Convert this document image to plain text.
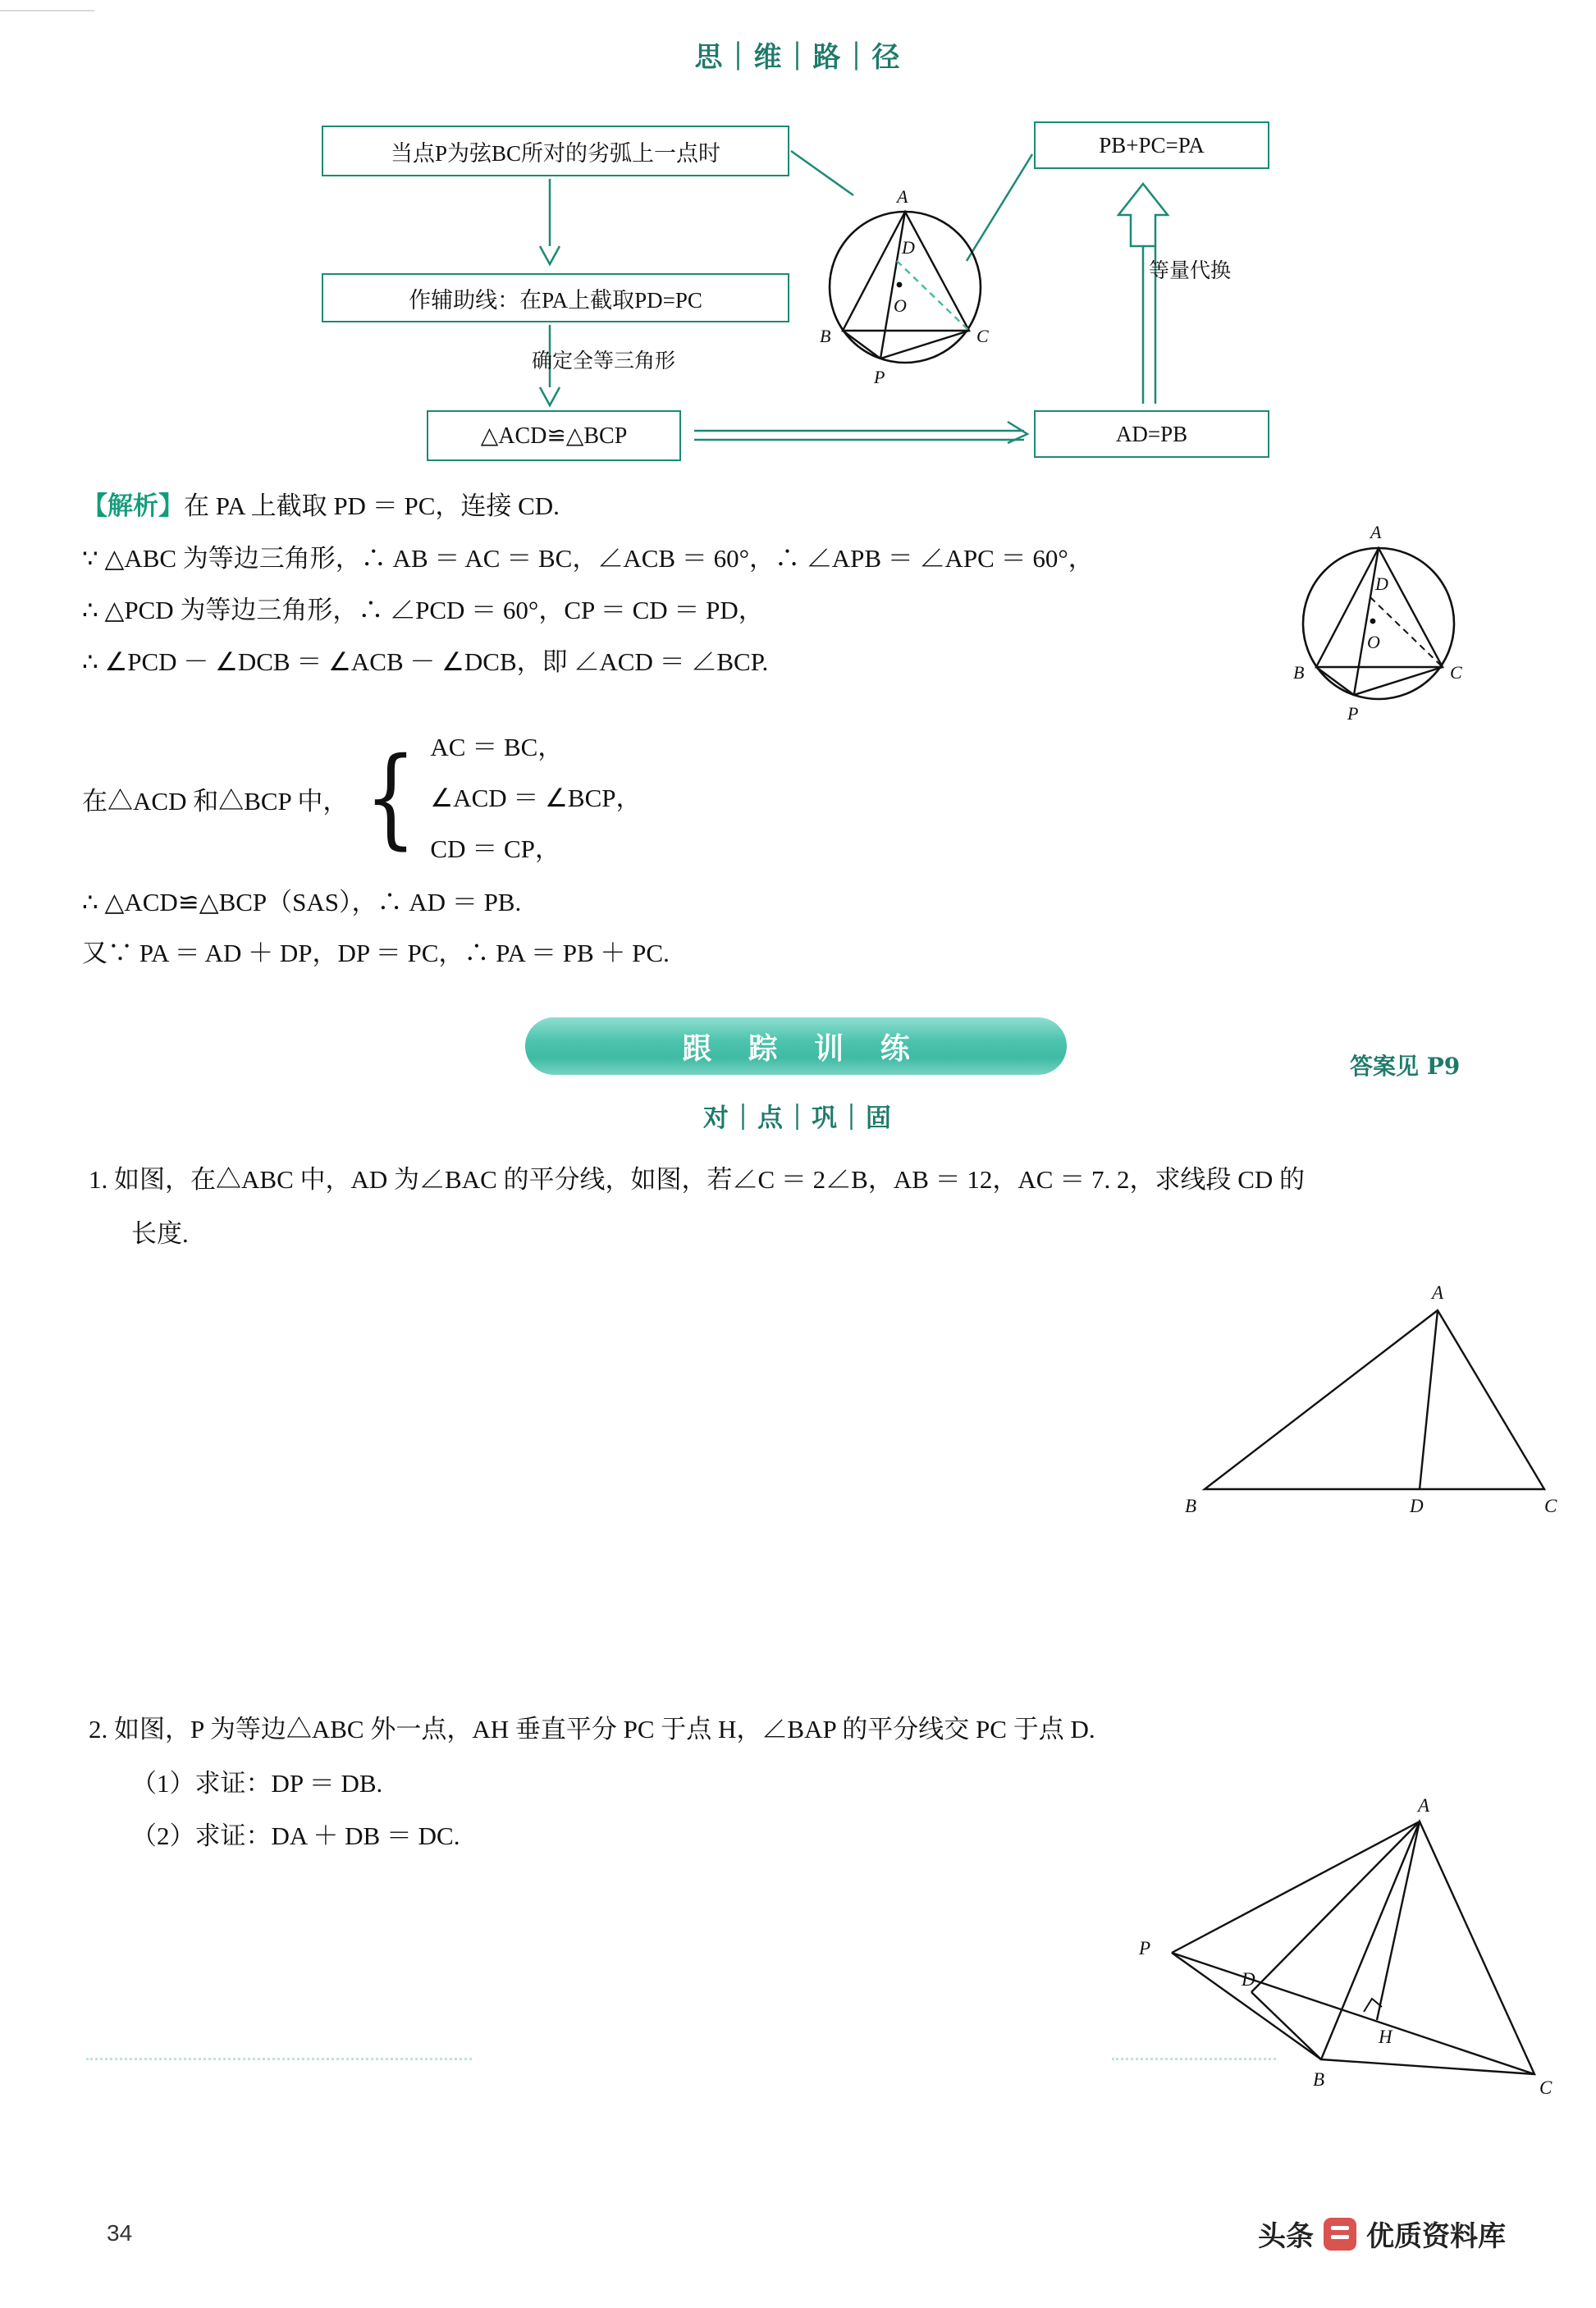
思｜维｜路｜径
当点P为弦BC所对的劣弧上一点时
作辅助线：在PA上截取PD=PC
△ACD≌△BCP
PB+PC=PA
AD=PB
确定全等三角形
等量代换
A
D
O
B	C
P
【解析】在 PA 上截取 PD ＝ PC，连接 CD.
∵ △ABC 为等边三角形，∴ AB ＝ AC ＝ BC，∠ACB ＝ 60°，∴ ∠APB ＝ ∠APC ＝ 60°，
∴ △PCD 为等边三角形，∴ ∠PCD ＝ 60°，CP ＝ CD ＝ PD，
∴ ∠PCD － ∠DCB ＝ ∠ACB － ∠DCB，即 ∠ACD ＝ ∠BCP.
在△ACD 和△BCP 中， { AC ＝ BC，
∠ACD ＝ ∠BCP，
CD ＝ CP，
∴ △ACD≌△BCP（SAS），∴ AD ＝ PB.
又∵ PA ＝ AD ＋ DP，DP ＝ PC，∴ PA ＝ PB ＋ PC.
A
D
O
B	C
P
跟 踪 训 练
答案见 P9
对｜点｜巩｜固
1. 如图，在△ABC 中，AD 为∠BAC 的平分线，如图，若∠C ＝ 2∠B，AB ＝ 12，AC ＝ 7. 2，求线段 CD 的
长度.
A
B	D	C
2. 如图，P 为等边△ABC 外一点，AH 垂直平分 PC 于点 H，∠BAP 的平分线交 PC 于点 D.
（1）求证：DP ＝ DB.
（2）求证：DA ＋ DB ＝ DC.
P
A
D
H
B	C
34	头条 优质资料库
